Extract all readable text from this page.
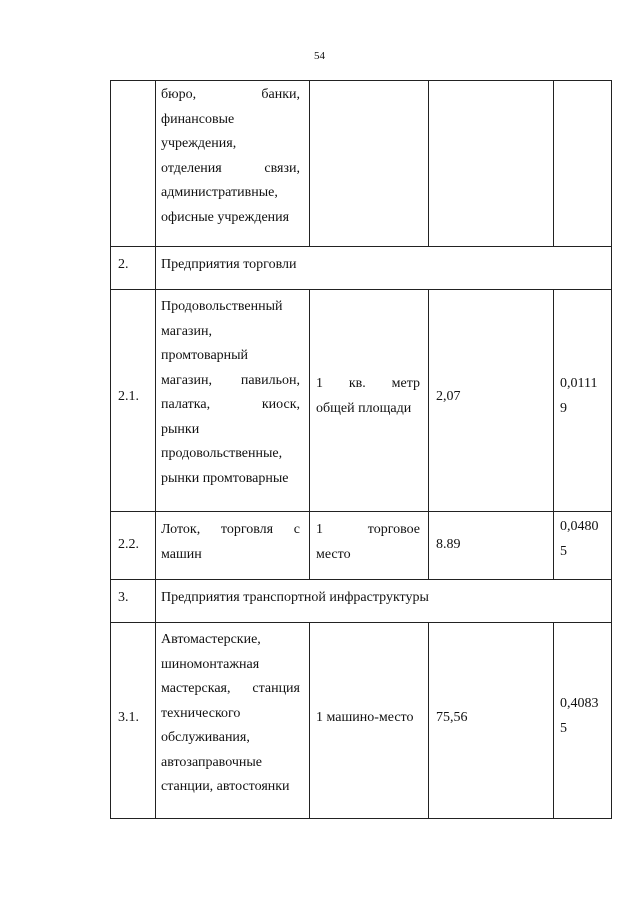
54
бюро, банки,
финансовые
учреждения,
отделения связи,
административные,
офисные учреждения
2. Предприятия торговли
2.1.
Продовольственный
магазин,
промтоварный
магазин, павильон,
палатка, киоск,
рынки
продовольственные,
рынки промтоварные
1 кв. метр
общей площади
2,07
0,0111
9
2.2.
Лоток, торговля с
машин
1 торговое
место
8.89
0,0480
5
3. Предприятия транспортной инфраструктуры
3.1.
Автомастерские,
шиномонтажная
мастерская, станция
технического
обслуживания,
автозаправочные
станции, автостоянки
1 машино-место 75,56
0,4083
5
